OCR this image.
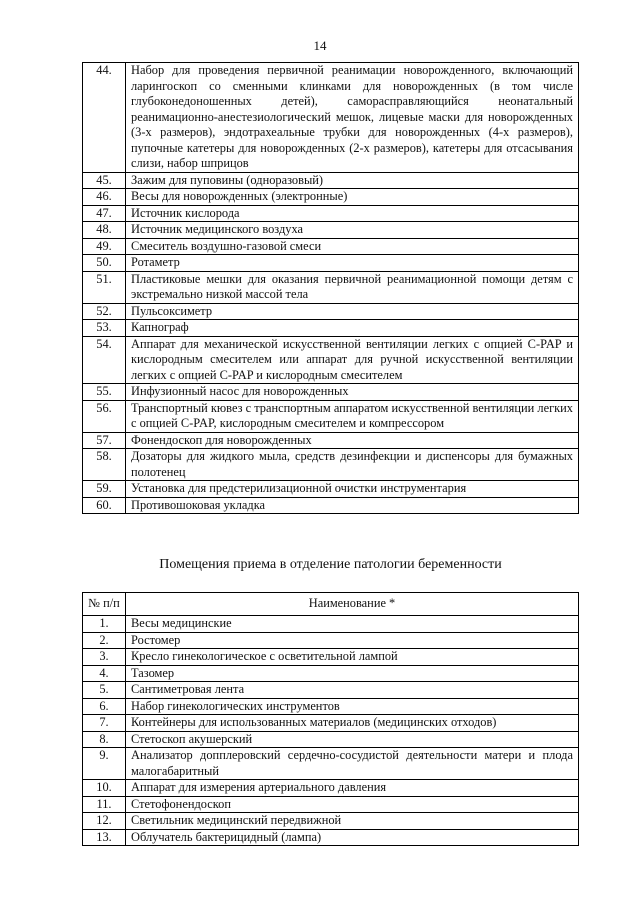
14
44.	Набор для проведения первичной реанимации новорожденного, включающий ларингоскоп со сменными клинками для новорожденных (в том числе глубоконедоношенных детей), саморасправляющийся неонатальный реанимационно-анестезиологический мешок, лицевые маски для новорожденных (3-х размеров), эндотрахеальные трубки для новорожденных (4-х размеров), пупочные катетеры для новорожденных (2-х размеров), катетеры для отсасывания слизи, набор шприцов
45.	Зажим для пуповины (одноразовый)
46.	Весы для новорожденных (электронные)
47.	Источник кислорода
48.	Источник медицинского воздуха
49.	Смеситель воздушно-газовой смеси
50.	Ротаметр
51.	Пластиковые мешки для оказания первичной реанимационной помощи детям с экстремально низкой массой тела
52.	Пульсоксиметр
53.	Капнограф
54.	Аппарат для механической искусственной вентиляции легких с опцией C-PAP и кислородным смесителем или аппарат для ручной искусственной вентиляции легких с опцией C-PAP и кислородным смесителем
55.	Инфузионный насос для новорожденных
56.	Транспортный кювез с транспортным аппаратом искусственной вентиляции легких с опцией C-PAP, кислородным смесителем и компрессором
57.	Фонендоскоп для новорожденных
58.	Дозаторы для жидкого мыла, средств дезинфекции и диспенсоры для бумажных полотенец
59.	Установка для предстерилизационной очистки инструментария
60.	Противошоковая укладка
Помещения приема в отделение патологии беременности
№ п/п	Наименование *
1.	Весы медицинские
2.	Ростомер
3.	Кресло гинекологическое с осветительной лампой
4.	Тазомер
5.	Сантиметровая лента
6.	Набор гинекологических инструментов
7.	Контейнеры для использованных материалов (медицинских отходов)
8.	Стетоскоп акушерский
9.	Анализатор допплеровский сердечно-сосудистой деятельности матери и плода малогабаритный
10.	Аппарат для измерения артериального давления
11.	Стетофонендоскоп
12.	Светильник медицинский передвижной
13.	Облучатель бактерицидный (лампа)
